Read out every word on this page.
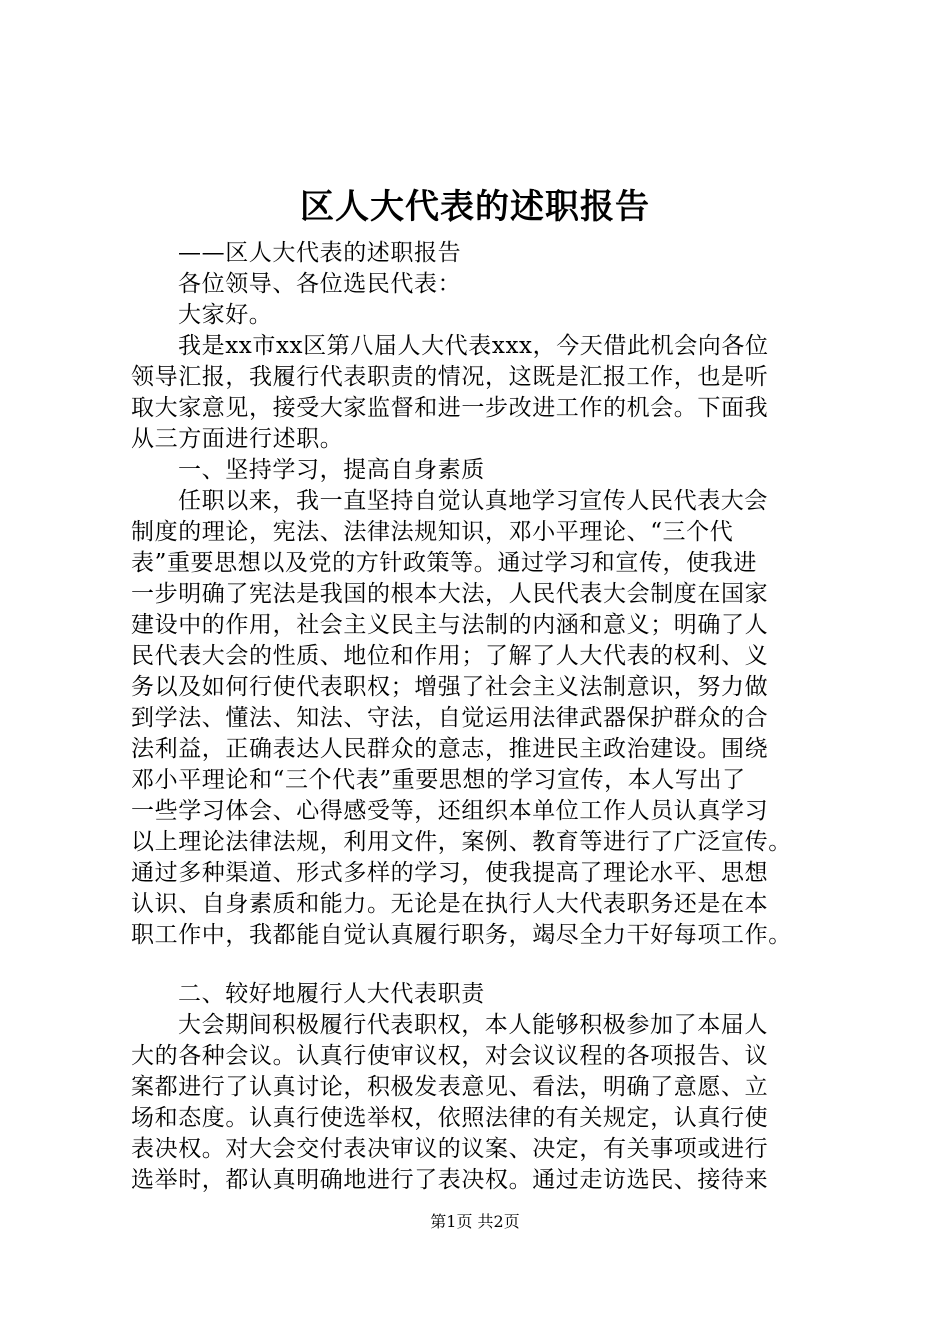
区人大代表的述职报告
——区人大代表的述职报告
各位领导、各位选民代表：
大家好。
我是xx市xx区第八届人大代表xxx，今天借此机会向各位
领导汇报，我履行代表职责的情况，这既是汇报工作，也是听
取大家意见，接受大家监督和进一步改进工作的机会。下面我
从三方面进行述职。
一、坚持学习，提高自身素质
任职以来，我一直坚持自觉认真地学习宣传人民代表大会
制度的理论，宪法、法律法规知识，邓小平理论、“三个代
表”重要思想以及党的方针政策等。通过学习和宣传，使我进
一步明确了宪法是我国的根本大法，人民代表大会制度在国家
建设中的作用，社会主义民主与法制的内涵和意义；明确了人
民代表大会的性质、地位和作用；了解了人大代表的权利、义
务以及如何行使代表职权；增强了社会主义法制意识，努力做
到学法、懂法、知法、守法，自觉运用法律武器保护群众的合
法利益，正确表达人民群众的意志，推进民主政治建设。围绕
邓小平理论和“三个代表”重要思想的学习宣传，本人写出了
一些学习体会、心得感受等，还组织本单位工作人员认真学习
以上理论法律法规，利用文件，案例、教育等进行了广泛宣传。
通过多种渠道、形式多样的学习，使我提高了理论水平、思想
认识、自身素质和能力。无论是在执行人大代表职务还是在本
职工作中，我都能自觉认真履行职务，竭尽全力干好每项工作。
二、较好地履行人大代表职责
大会期间积极履行代表职权，本人能够积极参加了本届人
大的各种会议。认真行使审议权，对会议议程的各项报告、议
案都进行了认真讨论，积极发表意见、看法，明确了意愿、立
场和态度。认真行使选举权，依照法律的有关规定，认真行使
表决权。对大会交付表决审议的议案、决定，有关事项或进行
选举时，都认真明确地进行了表决权。通过走访选民、接待来
第1页 共2页
